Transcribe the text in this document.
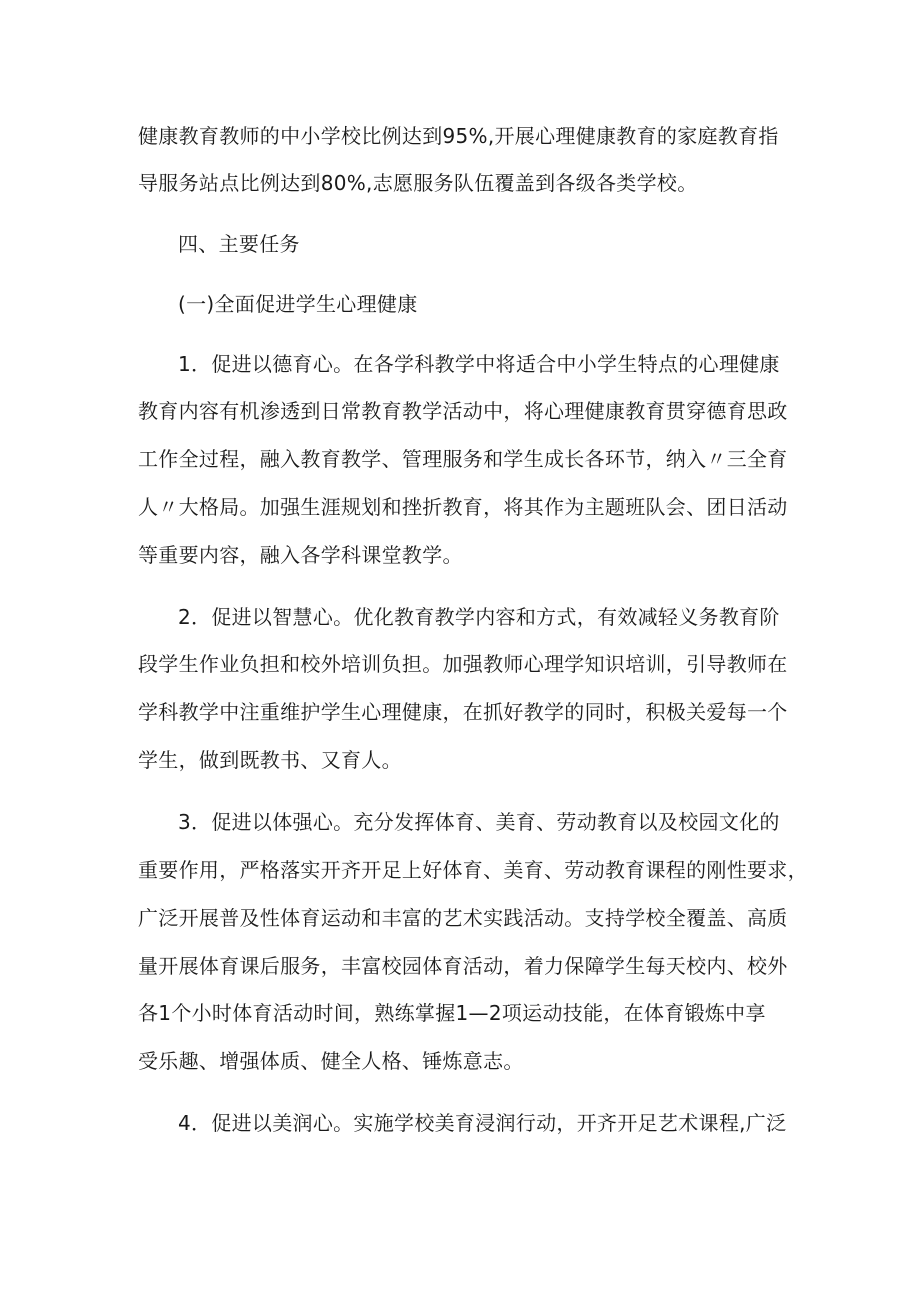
健康教育教师的中小学校比例达到95%,开展心理健康教育的家庭教育指

导服务站点比例达到80%,志愿服务队伍覆盖到各级各类学校。

四、主要任务

(一)全面促进学生心理健康

1．促进以德育心。在各学科教学中将适合中小学生特点的心理健康

教育内容有机渗透到日常教育教学活动中，将心理健康教育贯穿德育思政

工作全过程，融入教育教学、管理服务和学生成长各环节，纳入〃三全育

人〃大格局。加强生涯规划和挫折教育，将其作为主题班队会、团日活动

等重要内容，融入各学科课堂教学。

2．促进以智慧心。优化教育教学内容和方式，有效减轻义务教育阶

段学生作业负担和校外培训负担。加强教师心理学知识培训，引导教师在

学科教学中注重维护学生心理健康，在抓好教学的同时，积极关爱每一个

学生，做到既教书、又育人。

3．促进以体强心。充分发挥体育、美育、劳动教育以及校园文化的

重要作用，严格落实开齐开足上好体育、美育、劳动教育课程的刚性要求，

广泛开展普及性体育运动和丰富的艺术实践活动。支持学校全覆盖、高质

量开展体育课后服务，丰富校园体育活动，着力保障学生每天校内、校外

各1个小时体育活动时间，熟练掌握1—2项运动技能，在体育锻炼中享

受乐趣、增强体质、健全人格、锤炼意志。

4．促进以美润心。实施学校美育浸润行动，开齐开足艺术课程,广泛
